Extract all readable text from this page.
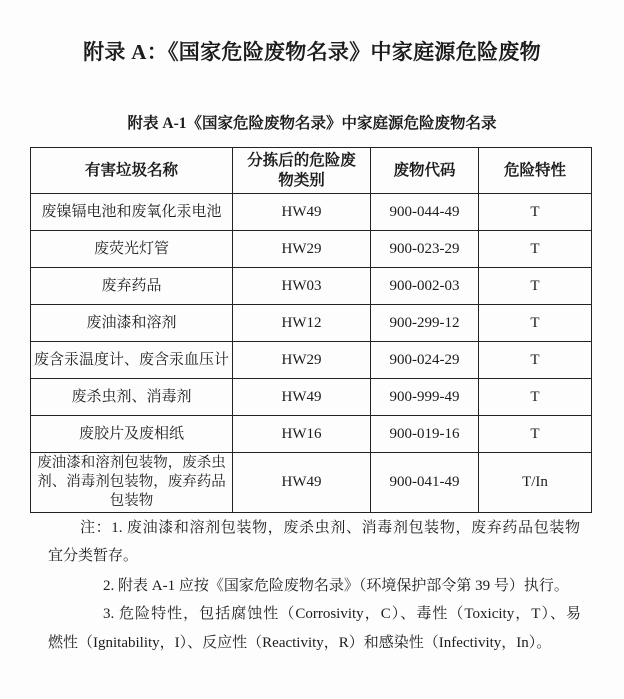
附录 A：《国家危险废物名录》中家庭源危险废物
附表 A-1《国家危险废物名录》中家庭源危险废物名录
有害垃圾名称	分拣后的危险废物类别	废物代码	危险特性
废镍镉电池和废氧化汞电池	HW49	900-044-49	T
废荧光灯管	HW29	900-023-29	T
废弃药品	HW03	900-002-03	T
废油漆和溶剂	HW12	900-299-12	T
废含汞温度计、废含汞血压计	HW29	900-024-29	T
废杀虫剂、消毒剂	HW49	900-999-49	T
废胶片及废相纸	HW16	900-019-16	T
废油漆和溶剂包装物，废杀虫剂、消毒剂包装物，废弃药品包装物	HW49	900-041-49	T/In
注：1. 废油漆和溶剂包装物，废杀虫剂、消毒剂包装物，废弃药品包装物
宜分类暂存。
2. 附表 A-1 应按《国家危险废物名录》（环境保护部令第 39 号）执行。
3. 危险特性，包括腐蚀性（Corrosivity，C）、毒性（Toxicity，T）、易
燃性（Ignitability，I）、反应性（Reactivity，R）和感染性（Infectivity，In）。
